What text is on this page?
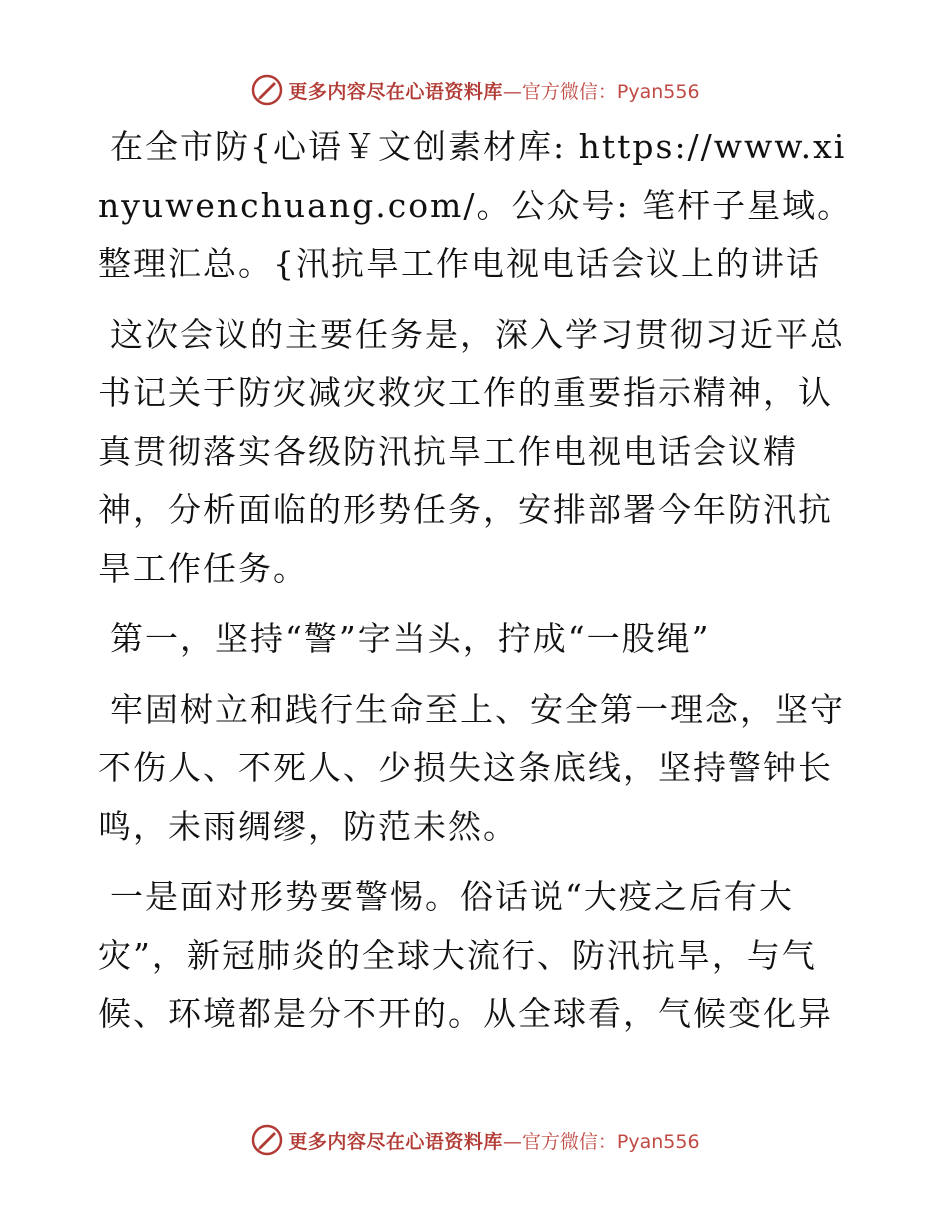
更多内容尽在心语资料库 —官方微信：Pyan556

在全市防{心语￥文创素材库: https://www.xinyuwenchuang.com/。公众号: 笔杆子星域。整理汇总。{汛抗旱工作电视电话会议上的讲话

这次会议的主要任务是，深入学习贯彻习近平总书记关于防灾减灾救灾工作的重要指示精神，认真贯彻落实各级防汛抗旱工作电视电话会议精神，分析面临的形势任务，安排部署今年防汛抗旱工作任务。

第一，坚持“警”字当头，拧成“一股绳”

牢固树立和践行生命至上、安全第一理念，坚守不伤人、不死人、少损失这条底线，坚持警钟长鸣，未雨绸缪，防范未然。

一是面对形势要警惕。俗话说“大疫之后有大灾”，新冠肺炎的全球大流行、防汛抗旱，与气候、环境都是分不开的。从全球看，气候变化异

更多内容尽在心语资料库 —官方微信：Pyan556
